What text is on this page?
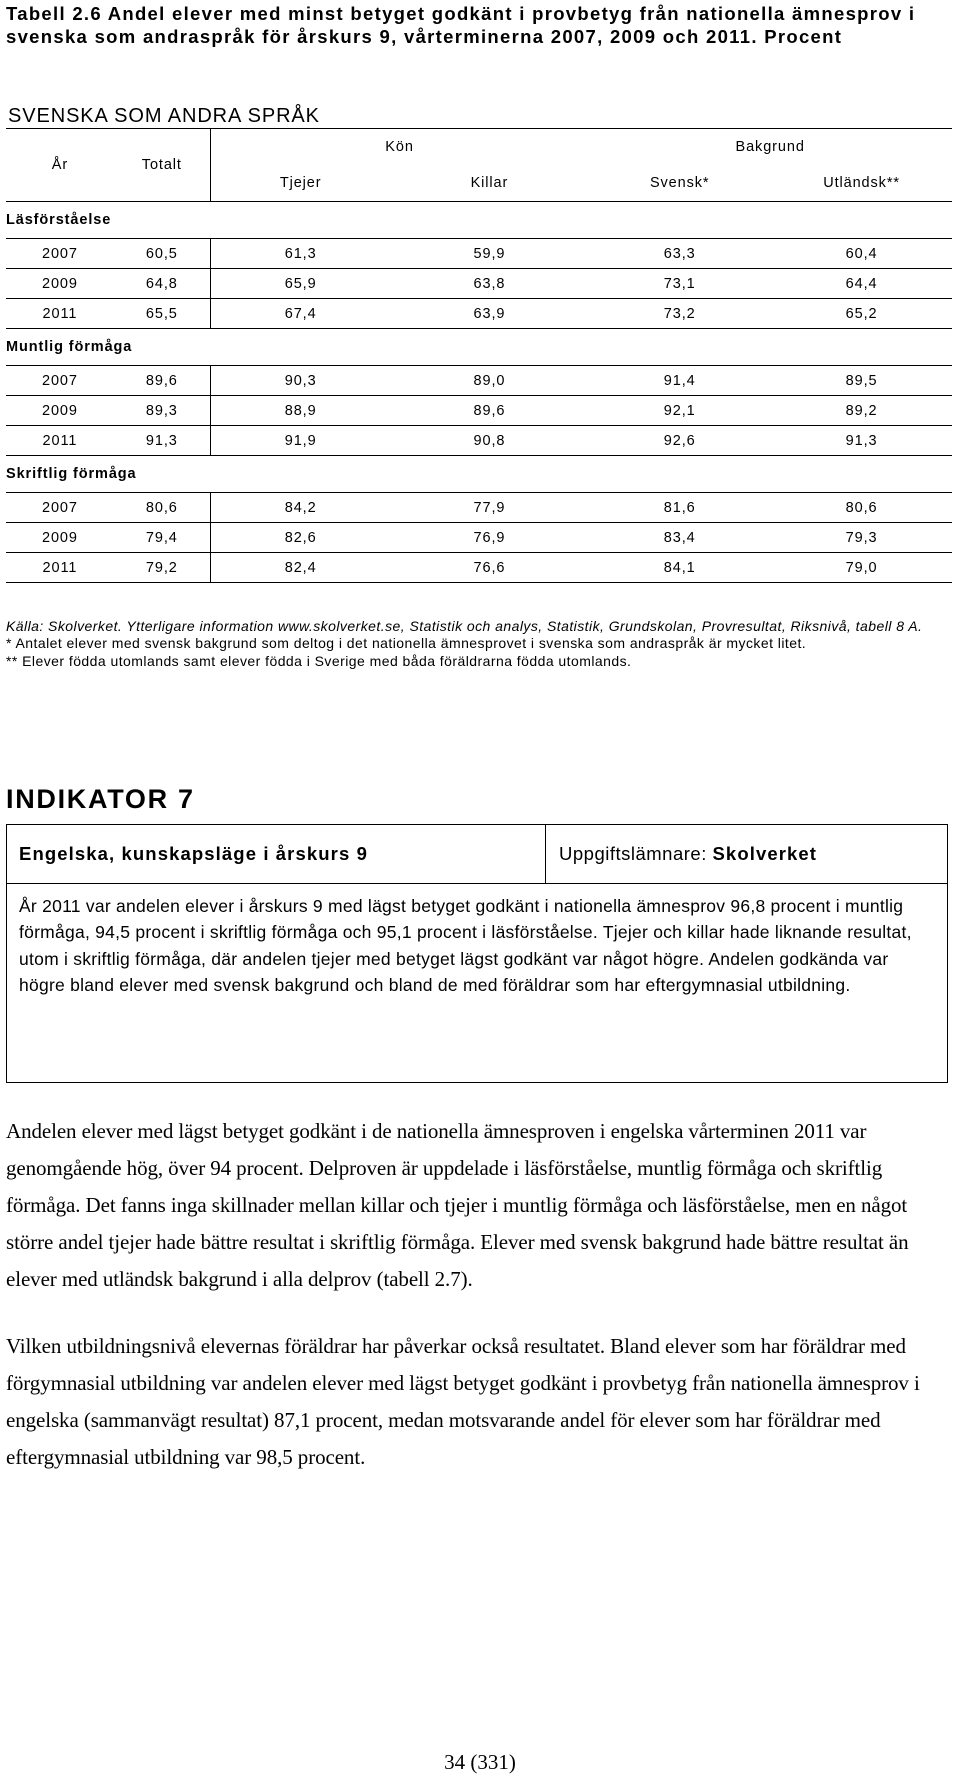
Tabell 2.6 Andel elever med minst betyget godkänt i provbetyg från nationella ämnesprov i svenska som andraspråk för årskurs 9, vårterminerna 2007, 2009 och 2011. Procent

SVENSKA SOM ANDRA SPRÅK					
År	Totalt	Kön		Bakgrund	
		Tjejer	Killar	Svensk*	Utländsk**
Läsförståelse					
2007	60,5	61,3	59,9	63,3	60,4
2009	64,8	65,9	63,8	73,1	64,4
2011	65,5	67,4	63,9	73,2	65,2
Muntlig förmåga					
2007	89,6	90,3	89,0	91,4	89,5
2009	89,3	88,9	89,6	92,1	89,2
2011	91,3	91,9	90,8	92,6	91,3
Skriftlig förmåga					
2007	80,6	84,2	77,9	81,6	80,6
2009	79,4	82,6	76,9	83,4	79,3
2011	79,2	82,4	76,6	84,1	79,0

Källa: Skolverket. Ytterligare information www.skolverket.se, Statistik och analys, Statistik, Grundskolan, Provresultat, Riksnivå, tabell 8 A.

* Antalet elever med svensk bakgrund som deltog i det nationella ämnesprovet i svenska som andraspråk är mycket litet.

** Elever födda utomlands samt elever födda i Sverige med båda föräldrarna födda utomlands.

INDIKATOR 7
Engelska, kunskapsläge i årskurs 9	Uppgiftslämnare: Skolverket

År 2011 var andelen elever i årskurs 9 med lägst betyget godkänt i nationella ämnesprov 96,8 procent i muntlig förmåga, 94,5 procent i skriftlig förmåga och 95,1 procent i läsförståelse. Tjejer och killar hade liknande resultat, utom i skriftlig förmåga, där andelen tjejer med betyget lägst godkänt var något högre. Andelen godkända var högre bland elever med svensk bakgrund och bland de med föräldrar som har eftergymnasial utbildning.

Andelen elever med lägst betyget godkänt i de nationella ämnesproven i engelska vårterminen 2011 var genomgående hög, över 94 procent. Delproven är uppdelade i läsförståelse, muntlig förmåga och skriftlig förmåga. Det fanns inga skillnader mellan killar och tjejer i muntlig förmåga och läsförståelse, men en något större andel tjejer hade bättre resultat i skriftlig förmåga. Elever med svensk bakgrund hade bättre resultat än elever med utländsk bakgrund i alla delprov (tabell 2.7).

Vilken utbildningsnivå elevernas föräldrar har påverkar också resultatet. Bland elever som har föräldrar med förgymnasial utbildning var andelen elever med lägst betyget godkänt i provbetyg från nationella ämnesprov i engelska (sammanvägt resultat) 87,1 procent, medan motsvarande andel för elever som har föräldrar med eftergymnasial utbildning var 98,5 procent.

34 (331)
